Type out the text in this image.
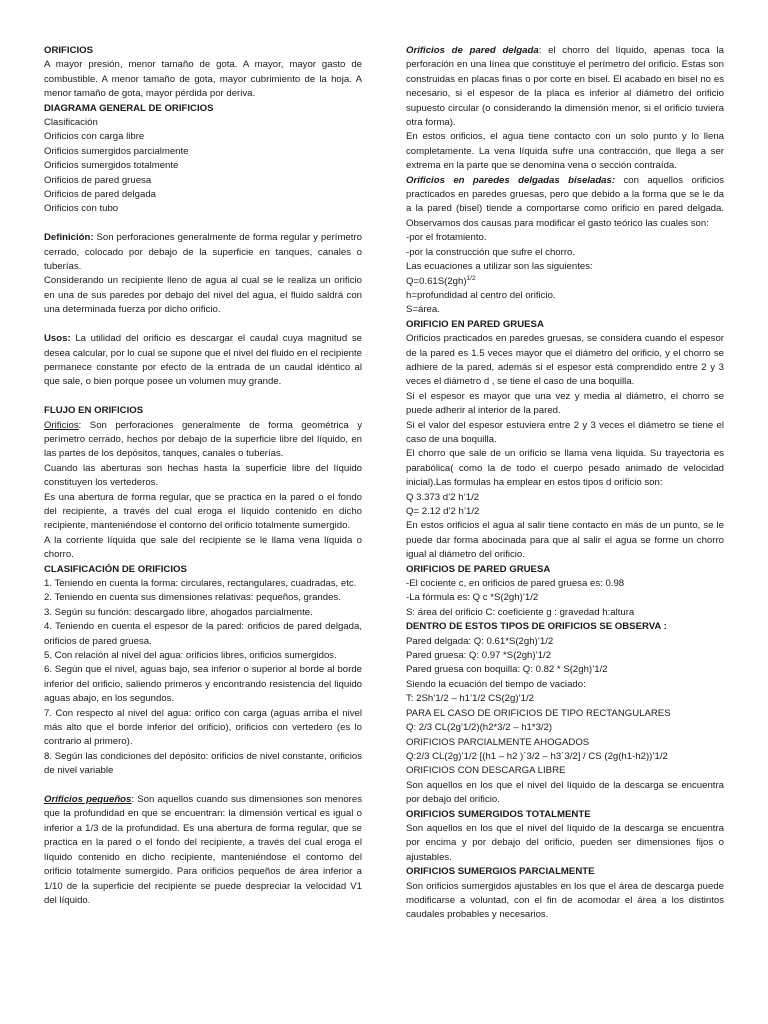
ORIFICIOS

A mayor presión, menor tamaño de gota. A mayor, mayor gasto de combustible. A menor tamaño de gota, mayor cubrimiento de la hoja. A menor tamaño de gota, mayor pérdida por deriva.

DIAGRAMA GENERAL DE ORIFICIOS

Clasificación

Orificios con carga libre

Orificios sumergidos parcialmente

Orificios sumergidos totalmente

Orificios de pared gruesa

Orificios de pared delgada

Orificios con tubo

Definición: Son perforaciones generalmente de forma regular y perímetro cerrado, colocado por debajo de la superficie en tanques, canales o tuberías.

Considerando un recipiente lleno de agua al cual se le realiza un orificio en una de sus paredes por debajo del nivel del agua, el fluido saldrá con una determinada fuerza por dicho orificio.

Usos: La utilidad del orificio es descargar el caudal cuya magnitud se desea calcular, por lo cual se supone que el nivel del fluido en el recipiente permanece constante por efecto de la entrada de un caudal idéntico al que sale, o bien porque posee un volumen muy grande.

FLUJO EN ORIFICIOS

Orificios: Son perforaciones generalmente de forma geométrica y perímetro cerrado, hechos por debajo de la superficie libre del líquido, en las partes de los depósitos, tanques, canales o tuberías.

Cuando las aberturas son hechas hasta la superficie libre del líquido constituyen los vertederos.

Es una abertura de forma regular, que se practica en la pared o el fondo del recipiente, a través del cual eroga el líquido contenido en dicho recipiente, manteniéndose el contorno del orificio totalmente sumergido.

A la corriente líquida que sale del recipiente se le llama vena líquida o chorro.

CLASIFICACIÓN DE ORIFICIOS

1. Teniendo en cuenta la forma: circulares, rectangulares, cuadradas, etc.

2. Teniendo en cuenta sus dimensiones relativas: pequeños, grandes.

3. Según su función: descargado libre, ahogados parcialmente.

4. Teniendo en cuenta el espesor de la pared: orificios de pared delgada, orificios de pared gruesa.

5. Con relación al nivel del agua: orificios libres, orificios sumergidos.

6. Según que el nivel, aguas bajo, sea inferior o superior al borde al borde inferior del orificio, saliendo primeros y encontrando resistencia del liquido aguas abajo, en los segundos.

7. Con respecto al nivel del agua: orifico con carga (aguas arriba el nivel más alto que el borde inferior del orificio), orificios con vertedero (es lo contrario al primero).

8. Según las condiciones del depósito: orificios de nivel constante, orificios de nivel variable

Orificios pequeños: Son aquellos cuando sus dimensiones son menores que la profundidad en que se encuentran: la dimensión vertical es igual o inferior a 1/3 de la profundidad. Es una abertura de forma regular, que se practica en la pared o el fondo del recipiente, a través del cual eroga el líquido contenido en dicho recipiente, manteniéndose el contorno del orificio totalmente sumergido. Para orificios pequeños de área inferior a 1/10 de la superficie del recipiente se puede despreciar la velocidad V1 del líquido.

Orificios de pared delgada: el chorro del líquido, apenas toca la perforación en una línea que constituye el perímetro del orificio. Estas son construidas en placas finas o por corte en bisel. El acabado en bisel no es necesario, si el espesor de la placa es inferior al diámetro del orificio supuesto circular (o considerando la dimensión menor, si el orificio tuviera otra forma).

En estos orificios, el agua tiene contacto con un solo punto y lo llena completamente. La vena líquida sufre una contracción, que llega a ser extrema en la parte que se denomina vena o sección contraída.

Orificios en paredes delgadas biseladas: con aquellos orificios practicados en paredes gruesas, pero que debido a la forma que se le da a la pared (bisel) tiende a comportarse como orificio en pared delgada. Observamos dos causas para modificar el gasto teórico las cuales son:

-por el frotamiento.

-por la construcción que sufre el chorro.

Las ecuaciones a utilizar son las siguientes:

$Q=0.61S(2gh)^{1/2}$

h=profundidad al centro del orificio.

S=área.

ORIFICIO EN PARED GRUESA

Orificios practicados en paredes gruesas, se considera cuando el espesor de la pared es 1.5 veces mayor que el diámetro del orificio, y el chorro se adhiere de la pared, además si el espesor está comprendido entre 2 y 3 veces el diámetro d , se tiene el caso de una boquilla.

Si el espesor es mayor que una vez y media al diámetro, el chorro se puede adherir al interior de la pared.

Si el valor del espesor estuviera entre 2 y 3 veces el diámetro se tiene el caso de una boquilla.

El chorro que sale de un orificio se llama vena liquida. Su trayectoria es parabólica( como la de todo el cuerpo pesado animado de velocidad inicial).Las formulas ha emplear en estos tipos d orificio son:

Q 3.373 d’2 h’1/2

Q= 2.12 d’2 h’1/2

En estos orificios el agua al salir tiene contacto en más de un punto, se le puede dar forma abocinada para que al salir el agua se forme un chorro igual al diámetro del orificio.

ORIFICIOS DE PARED GRUESA

-El cociente c, en orificios de pared gruesa es: 0.98

-La fórmula es: Q c *S(2gh)’1/2

S: área del orificio C: coeficiente g : gravedad h:altura

DENTRO DE ESTOS TIPOS DE ORIFICIOS SE OBSERVA :

Pared delgada: Q: 0.61*S(2gh)’1/2

Pared gruesa: Q: 0.97 *S(2gh)’1/2

Pared gruesa con boquilla: Q: 0.82 * S(2gh)’1/2

Siendo la ecuación del tiempo de vaciado:

T: 2Sh’1/2 – h1’1/2 CS(2g)’1/2

PARA EL CASO DE ORIFICIOS DE TIPO RECTANGULARES

Q: 2/3 CL(2g’1/2)(h2*3/2 – h1*3/2)

ORIFICIOS PARCIALMENTE AHOGADOS

Q:2/3 CL(2g)’1/2 [(h1 – h2 )´3/2 – h3´3/2] / CS (2g(h1-h2))’1/2

ORIFICIOS CON DESCARGA LIBRE

Son aquellos en los que el nivel del líquido de la descarga se encuentra por debajo del orificio.

ORIFICIOS SUMERGIDOS TOTALMENTE

Son aquellos en los que el nivel del líquido de la descarga se encuentra por encima y por debajo del orificio, pueden ser dimensiones fijos o ajustables.

ORIFICIOS SUMERGIOS PARCIALMENTE

Son orificios sumergidos ajustables en los que el área de descarga puede modificarse a voluntad, con el fin de acomodar el área a los distintos caudales probables y necesarios.
